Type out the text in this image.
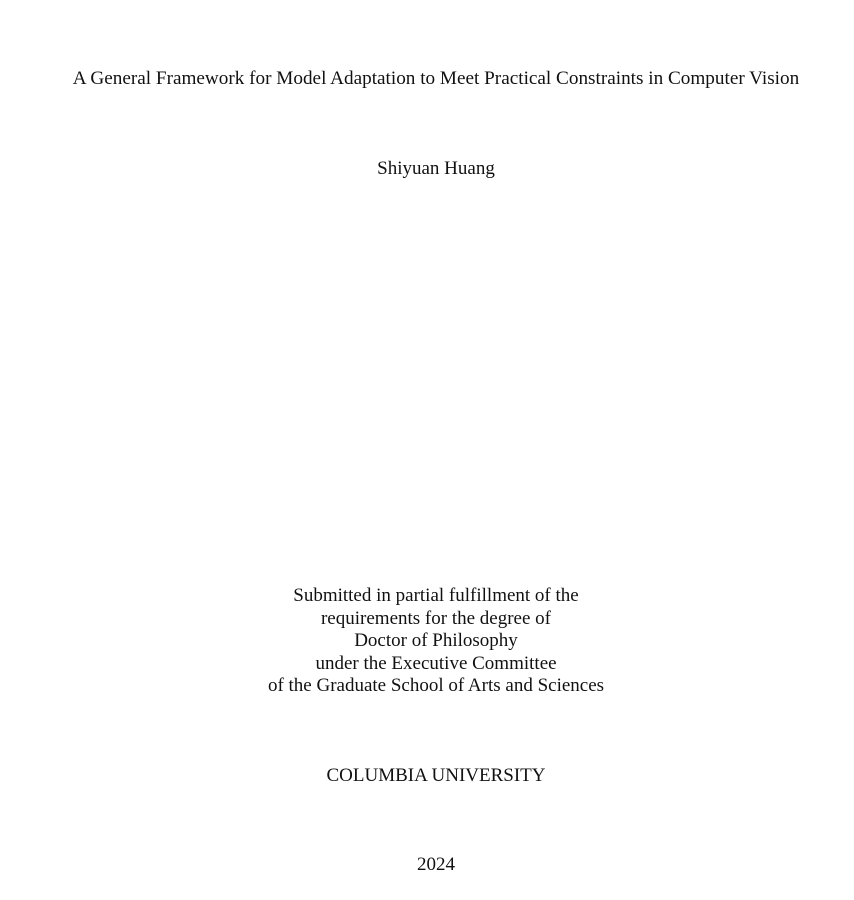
A General Framework for Model Adaptation to Meet Practical Constraints in Computer Vision
Shiyuan Huang
Submitted in partial fulfillment of the
requirements for the degree of
Doctor of Philosophy
under the Executive Committee
of the Graduate School of Arts and Sciences
COLUMBIA UNIVERSITY
2024
